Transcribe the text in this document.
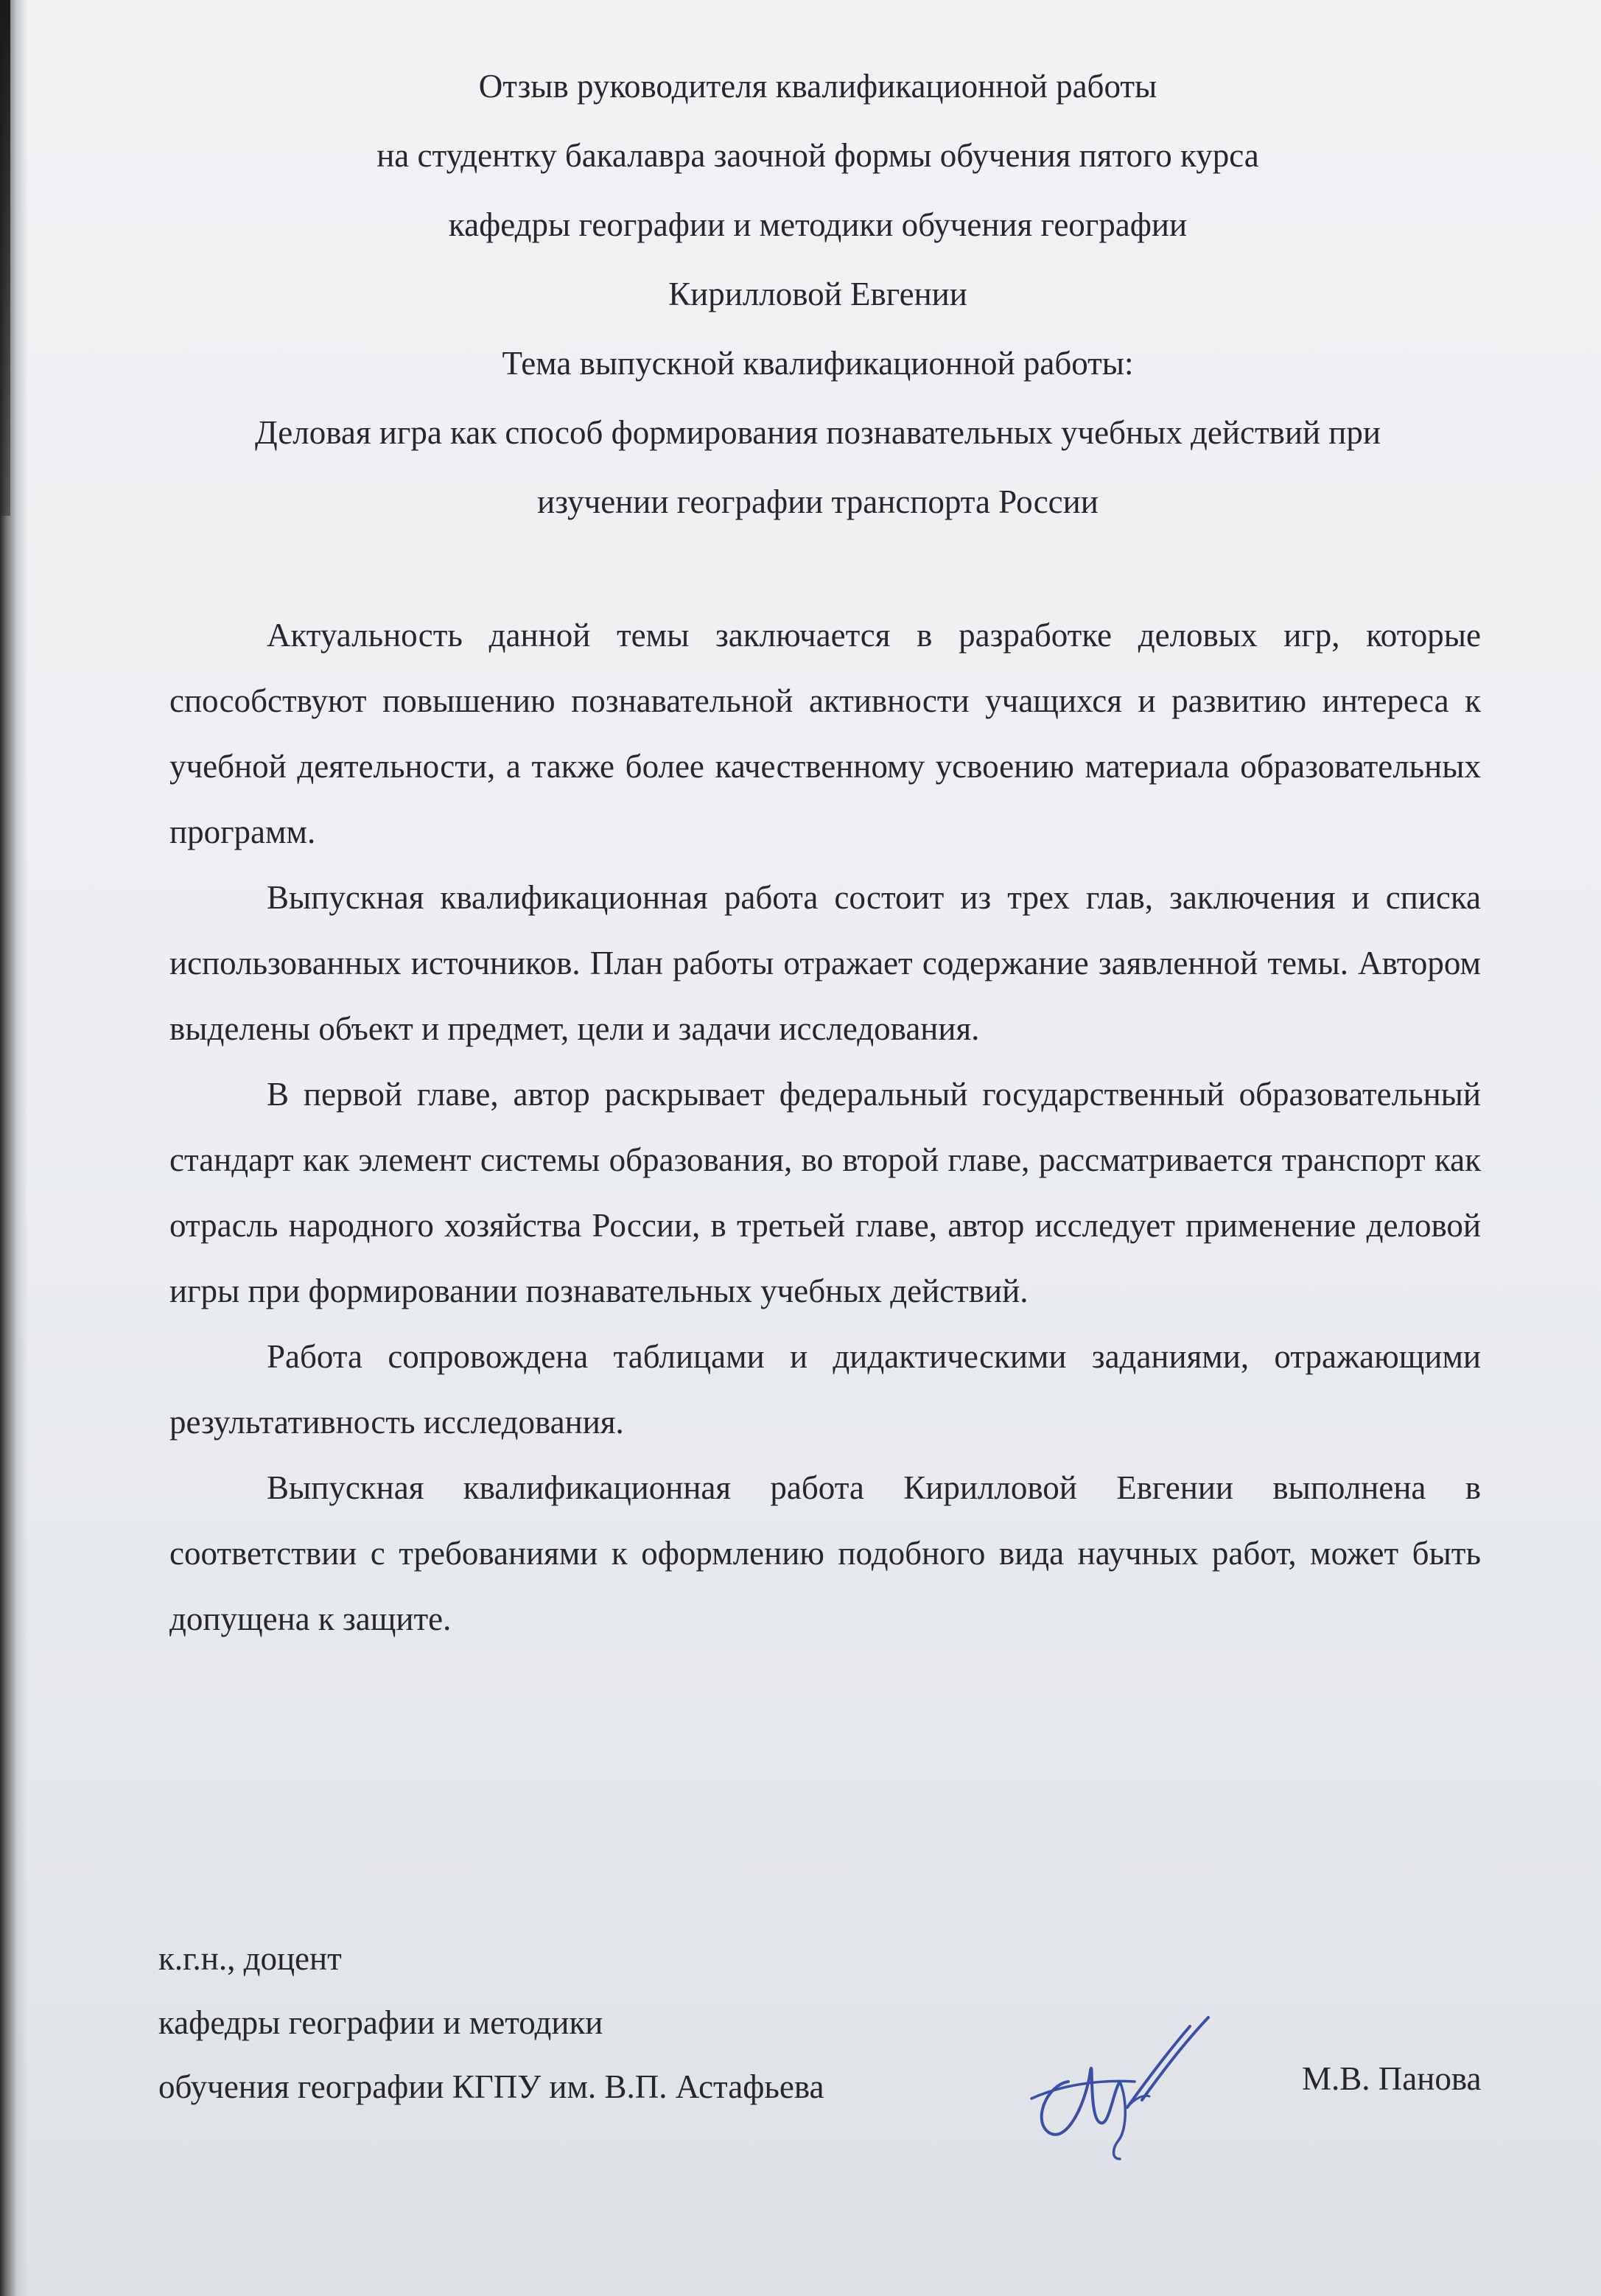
Отзыв руководителя квалификационной работы
на студентку бакалавра заочной формы обучения пятого курса
кафедры географии и методики обучения географии
Кирилловой Евгении
Тема выпускной квалификационной работы:
Деловая игра как способ формирования познавательных учебных действий при
изучении географии транспорта России

Актуальность данной темы заключается в разработке деловых игр, которые способствуют повышению познавательной активности учащихся и развитию интереса к учебной деятельности, а также более качественному усвоению материала образовательных программ.

Выпускная квалификационная работа состоит из трех глав, заключения и списка использованных источников. План работы отражает содержание заявленной темы. Автором выделены объект и предмет, цели и задачи исследования.

В первой главе, автор раскрывает федеральный государственный образовательный стандарт как элемент системы образования, во второй главе, рассматривается транспорт как отрасль народного хозяйства России, в третьей главе, автор исследует применение деловой игры при формировании познавательных учебных действий.

Работа сопровождена таблицами и дидактическими заданиями, отражающими результативность исследования.

Выпускная квалификационная работа Кирилловой Евгении выполнена в соответствии с требованиями к оформлению подобного вида научных работ, может быть допущена к защите.

к.г.н., доцент
кафедры географии и методики
обучения географии КГПУ им. В.П. Астафьева	М.В. Панова
